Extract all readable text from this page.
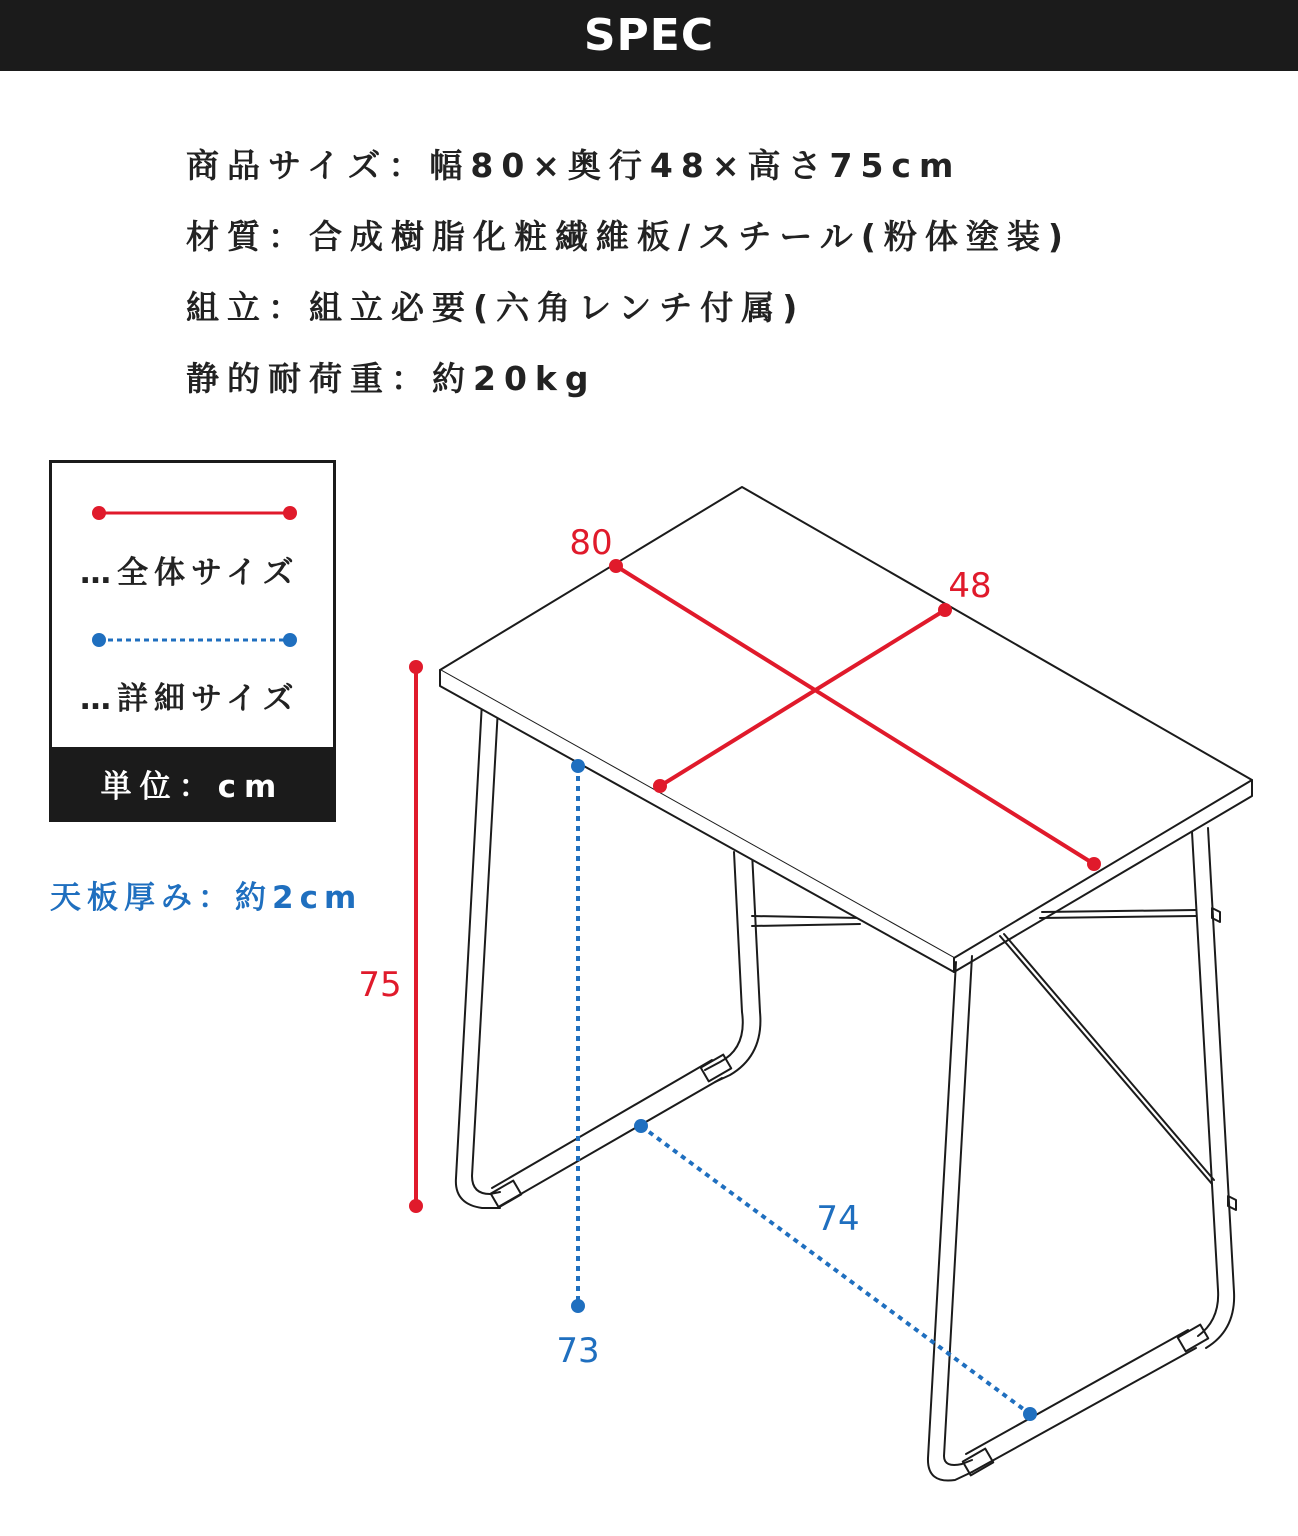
SPEC
商品サイズ：幅80×奥行48×高さ75cm
材質：合成樹脂化粧繊維板/スチール(粉体塗装)
組立：組立必要(六角レンチ付属)
静的耐荷重：約20kg
…全体サイズ
…詳細サイズ
単位：cm
天板厚み：約2cm
80
48
75
73
74
